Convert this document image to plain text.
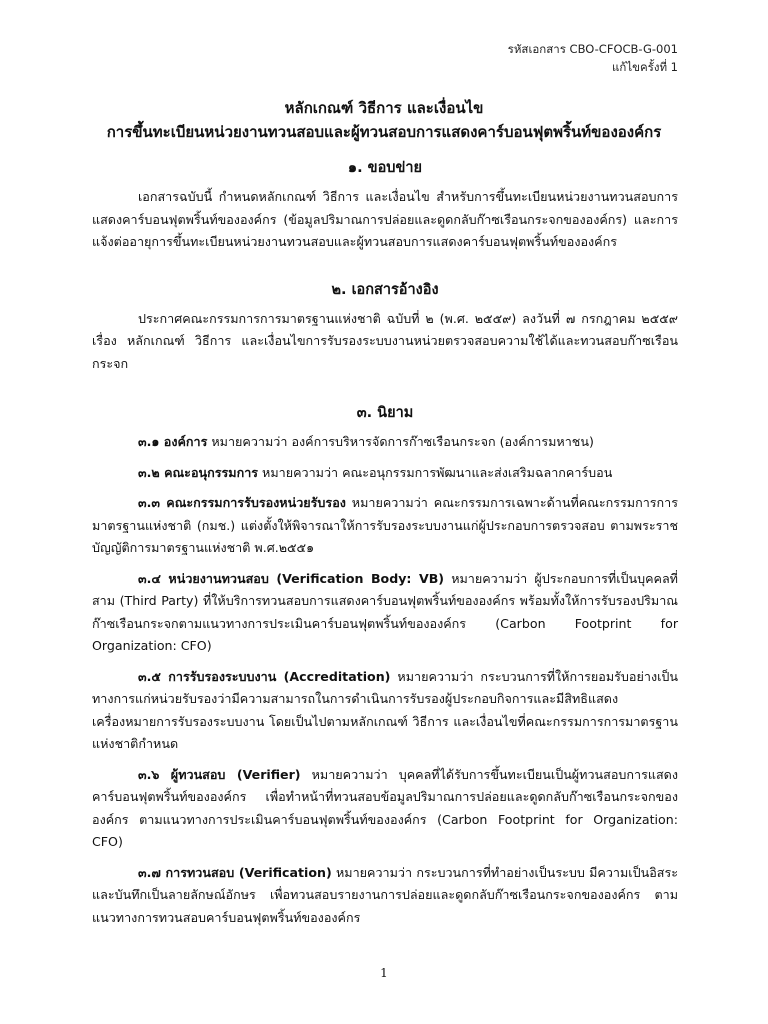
รหัสเอกสาร CBO-CFOCB-G-001
แก้ไขครั้งที่ 1
หลักเกณฑ์ วิธีการ และเงื่อนไข
การขึ้นทะเบียนหน่วยงานทวนสอบและผู้ทวนสอบการแสดงคาร์บอนฟุตพริ้นท์ขององค์กร
๑. ขอบข่าย

เอกสารฉบับนี้ กำหนดหลักเกณฑ์ วิธีการ และเงื่อนไข สำหรับการขึ้นทะเบียนหน่วยงานทวนสอบการแสดงคาร์บอนฟุตพริ้นท์ขององค์กร (ข้อมูลปริมาณการปล่อยและดูดกลับก๊าซเรือนกระจกขององค์กร) และการแจ้งต่ออายุการขึ้นทะเบียนหน่วยงานทวนสอบและผู้ทวนสอบการแสดงคาร์บอนฟุตพริ้นท์ขององค์กร

๒. เอกสารอ้างอิง

ประกาศคณะกรรมการการมาตรฐานแห่งชาติ ฉบับที่ ๒ (พ.ศ. ๒๕๕๙) ลงวันที่ ๗ กรกฎาคม ๒๕๕๙ เรื่อง หลักเกณฑ์ วิธีการ และเงื่อนไขการรับรองระบบงานหน่วยตรวจสอบความใช้ได้และทวนสอบก๊าซเรือนกระจก

๓. นิยาม

๓.๑ องค์การ หมายความว่า องค์การบริหารจัดการก๊าซเรือนกระจก (องค์การมหาชน)

๓.๒ คณะอนุกรรมการ หมายความว่า คณะอนุกรรมการพัฒนาและส่งเสริมฉลากคาร์บอน

๓.๓ คณะกรรมการรับรองหน่วยรับรอง หมายความว่า คณะกรรมการเฉพาะด้านที่คณะกรรมการการมาตรฐานแห่งชาติ (กมช.) แต่งตั้งให้พิจารณาให้การรับรองระบบงานแก่ผู้ประกอบการตรวจสอบ ตามพระราชบัญญัติการมาตรฐานแห่งชาติ พ.ศ.๒๕๕๑

๓.๔ หน่วยงานทวนสอบ (Verification Body: VB) หมายความว่า ผู้ประกอบการที่เป็นบุคคลที่สาม (Third Party) ที่ให้บริการทวนสอบการแสดงคาร์บอนฟุตพริ้นท์ขององค์กร พร้อมทั้งให้การรับรองปริมาณก๊าซเรือนกระจกตามแนวทางการประเมินคาร์บอนฟุตพริ้นท์ขององค์กร (Carbon Footprint for Organization: CFO)

๓.๕ การรับรองระบบงาน (Accreditation) หมายความว่า กระบวนการที่ให้การยอมรับอย่างเป็นทางการแก่หน่วยรับรองว่ามีความสามารถในการดำเนินการรับรองผู้ประกอบกิจการและมีสิทธิแสดงเครื่องหมายการรับรองระบบงาน โดยเป็นไปตามหลักเกณฑ์ วิธีการ และเงื่อนไขที่คณะกรรมการการมาตรฐานแห่งชาติกำหนด

๓.๖ ผู้ทวนสอบ (Verifier) หมายความว่า บุคคลที่ได้รับการขึ้นทะเบียนเป็นผู้ทวนสอบการแสดงคาร์บอนฟุตพริ้นท์ขององค์กร เพื่อทำหน้าที่ทวนสอบข้อมูลปริมาณการปล่อยและดูดกลับก๊าซเรือนกระจกขององค์กร ตามแนวทางการประเมินคาร์บอนฟุตพริ้นท์ขององค์กร (Carbon Footprint for Organization: CFO)

๓.๗ การทวนสอบ (Verification) หมายความว่า กระบวนการที่ทำอย่างเป็นระบบ มีความเป็นอิสระ และบันทึกเป็นลายลักษณ์อักษร เพื่อทวนสอบรายงานการปล่อยและดูดกลับก๊าซเรือนกระจกขององค์กร ตามแนวทางการทวนสอบคาร์บอนฟุตพริ้นท์ขององค์กร

1
